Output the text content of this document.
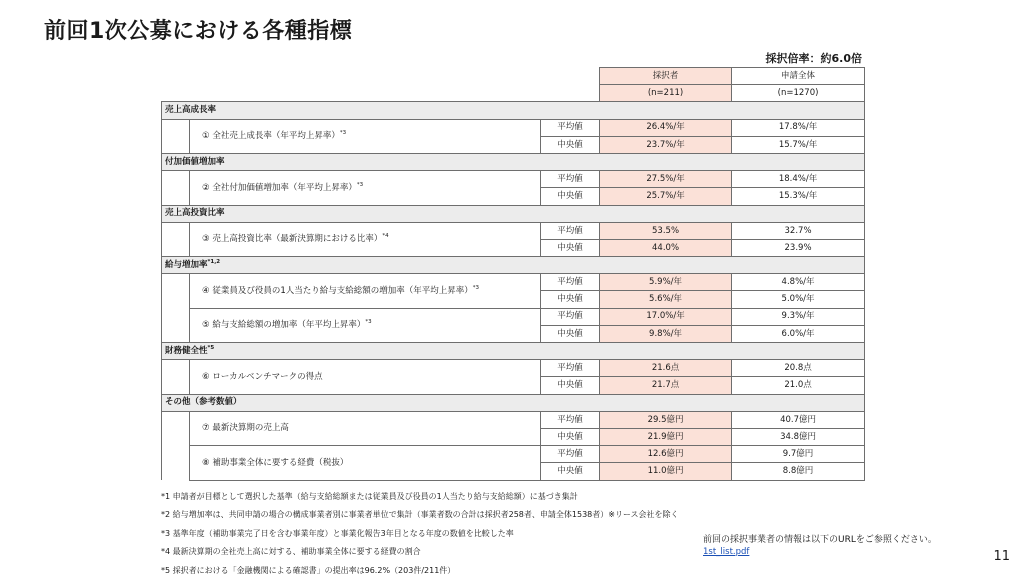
前回1次公募における各種指標
採択倍率：約6.0倍
			採択者	申請全体
			(n=211)	(n=1270)
売上高成長率				
	① 全社売上成長率（年平均上昇率）$^{*3}$	平均値	26.4%/年	17.8%/年
		中央値	23.7%/年	15.7%/年
付加価値増加率				
	② 全社付加価値増加率（年平均上昇率）$^{*3}$	平均値	27.5%/年	18.4%/年
		中央値	25.7%/年	15.3%/年
売上高投資比率				
	③ 売上高投資比率（最新決算期における比率）$^{*4}$	平均値	53.5%	32.7%
		中央値	44.0%	23.9%
給与増加率$^{*1,2}$
	④ 従業員及び役員の1人当たり給与支給総額の増加率（年平均上昇率）$^{*3}$	平均値	5.9%/年	4.8%/年
		中央値	5.6%/年	5.0%/年
	⑤ 給与支給総額の増加率（年平均上昇率）$^{*3}$	平均値	17.0%/年	9.3%/年
		中央値	9.8%/年	6.0%/年
財務健全性$^{*5}$
	⑥ ローカルベンチマークの得点	平均値	21.6点	20.8点
		中央値	21.7点	21.0点
その他（参考数値）				
	⑦ 最新決算期の売上高	平均値	29.5億円	40.7億円
		中央値	21.9億円	34.8億円
	⑧ 補助事業全体に要する経費（税抜）	平均値	12.6億円	9.7億円
		中央値	11.0億円	8.8億円
*1 申請者が目標として選択した基準（給与支給総額または従業員及び役員の1人当たり給与支給総額）に基づき集計
*2 給与増加率は、共同申請の場合の構成事業者別に事業者単位で集計（事業者数の合計は採択者258者、申請全体1538者）※リース会社を除く
*3 基準年度（補助事業完了日を含む事業年度）と事業化報告3年目となる年度の数値を比較した率
*4 最新決算期の全社売上高に対する、補助事業全体に要する経費の割合
*5 採択者における「金融機関による確認書」の提出率は96.2%（203件/211件）
前回の採択事業者の情報は以下のURLをご参照ください。
1st_list.pdf	11
